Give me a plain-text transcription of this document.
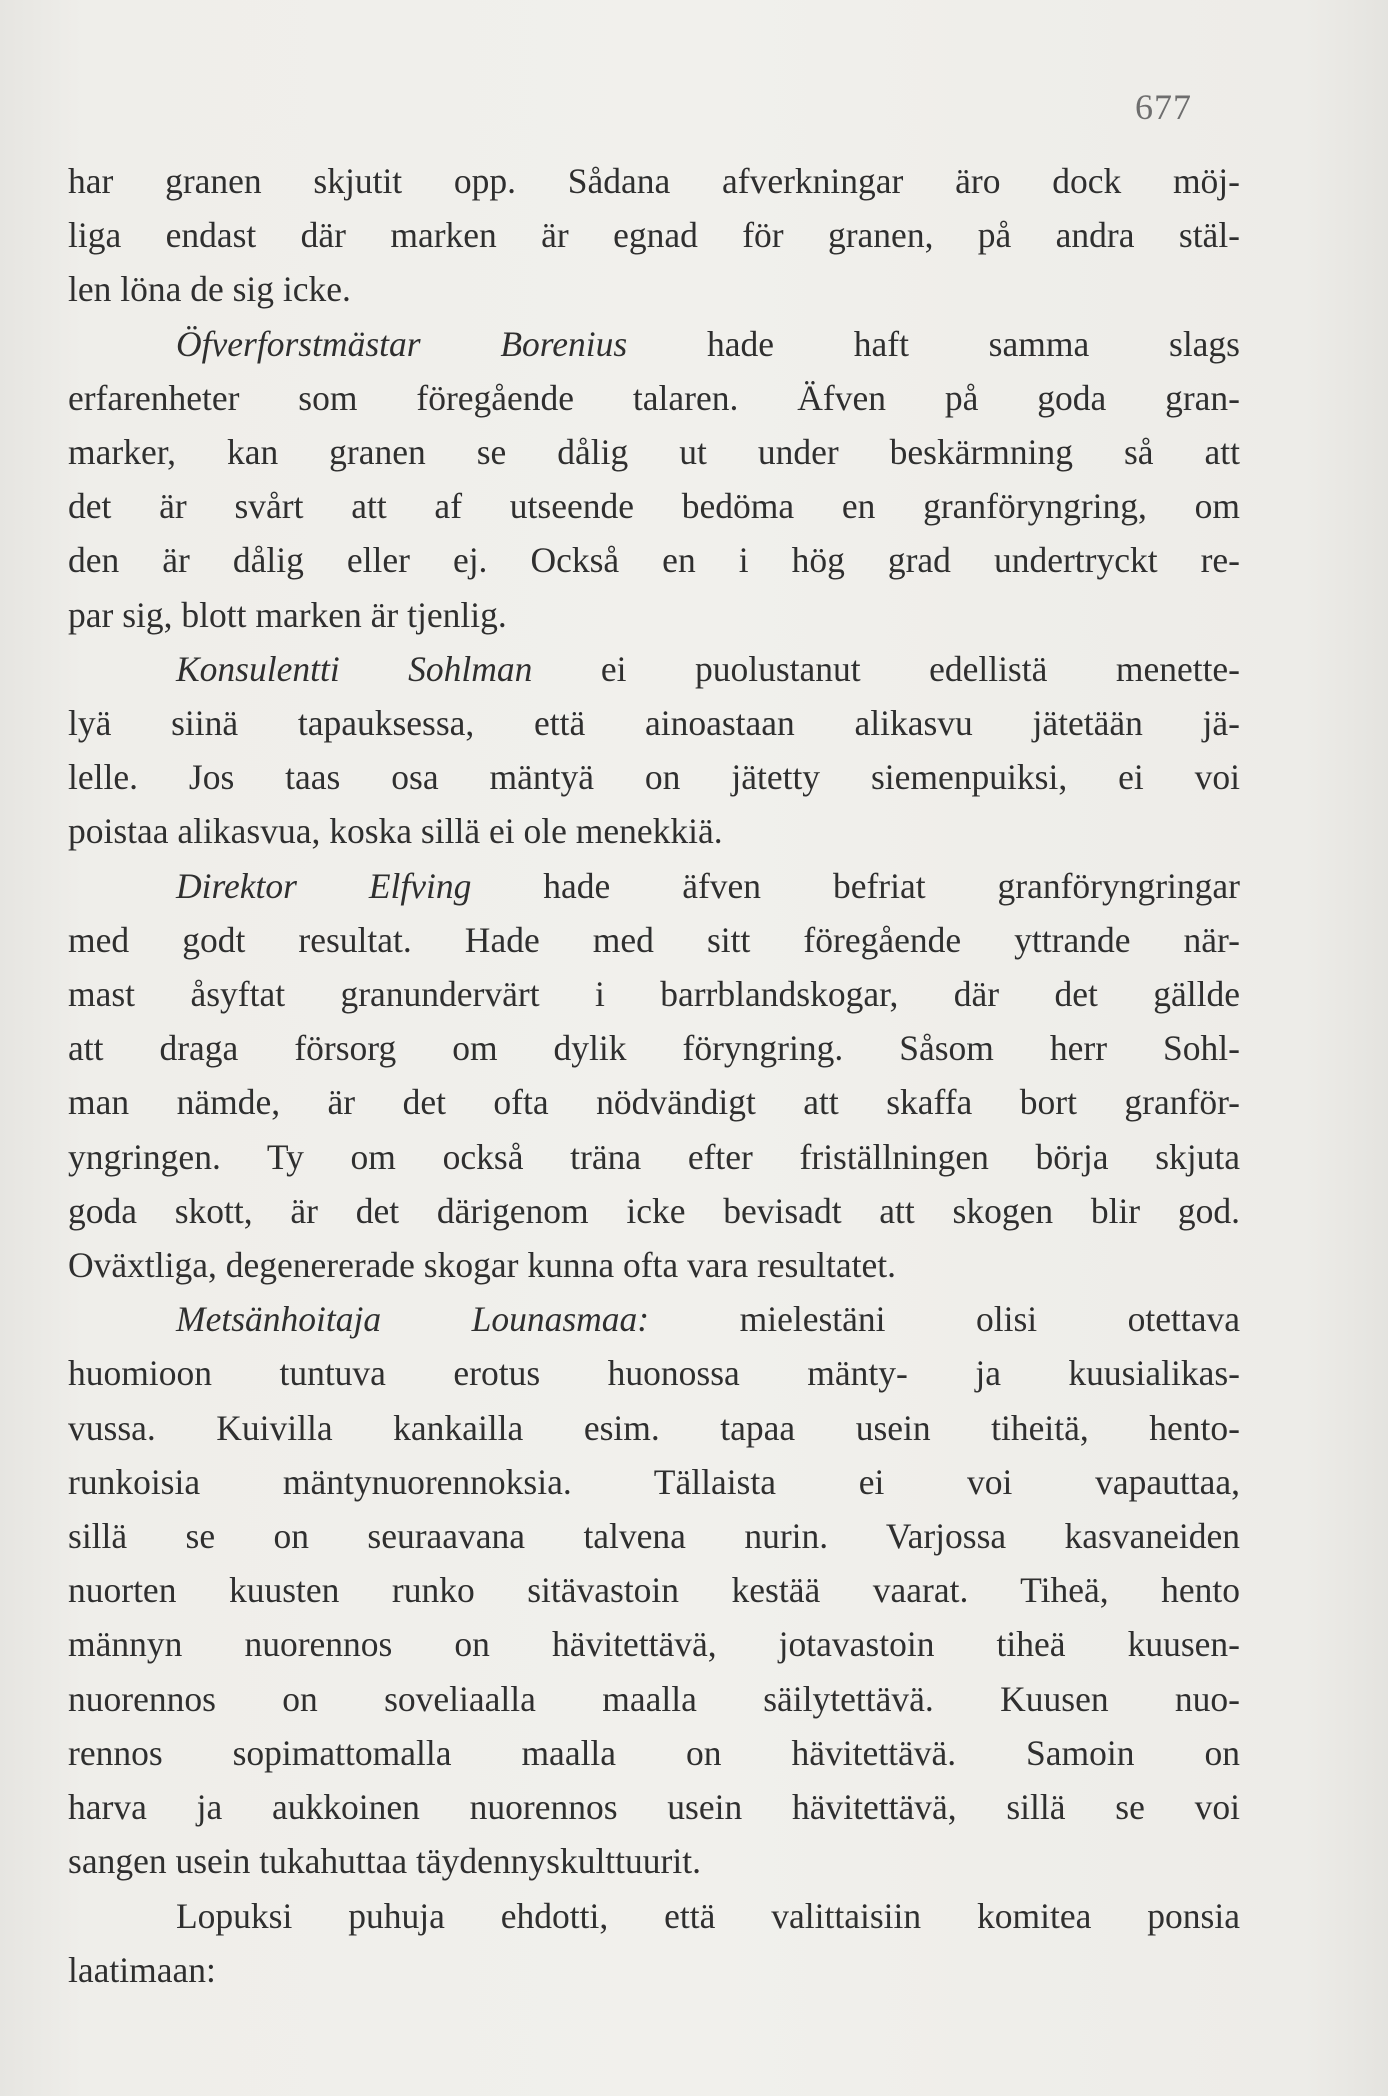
677

har granen skjutit opp. Sådana afverkningar äro dock möj-
liga endast där marken är egnad för granen, på andra stäl-
len löna de sig icke.

Öfverforstmästar Borenius hade haft samma slags
erfarenheter som föregående talaren. Äfven på goda gran-
marker, kan granen se dålig ut under beskärmning så att
det är svårt att af utseende bedöma en granföryngring, om
den är dålig eller ej. Också en i hög grad undertryckt re-
par sig, blott marken är tjenlig.

Konsulentti Sohlman ei puolustanut edellistä menette-
lyä siinä tapauksessa, että ainoastaan alikasvu jätetään jä-
lelle. Jos taas osa mäntyä on jätetty siemenpuiksi, ei voi
poistaa alikasvua, koska sillä ei ole menekkiä.

Direktor Elfving hade äfven befriat granföryngringar
med godt resultat. Hade med sitt föregående yttrande när-
mast åsyftat granundervärt i barrblandskogar, där det gällde
att draga försorg om dylik föryngring. Såsom herr Sohl-
man nämde, är det ofta nödvändigt att skaffa bort granför-
yngringen. Ty om också träna efter friställningen börja skjuta
goda skott, är det därigenom icke bevisadt att skogen blir god.
Oväxtliga, degenererade skogar kunna ofta vara resultatet.

Metsänhoitaja Lounasmaa: mielestäni olisi otettava
huomioon tuntuva erotus huonossa mänty- ja kuusialikas-
vussa. Kuivilla kankailla esim. tapaa usein tiheitä, hento-
runkoisia mäntynuorennoksia. Tällaista ei voi vapauttaa,
sillä se on seuraavana talvena nurin. Varjossa kasvaneiden
nuorten kuusten runko sitävastoin kestää vaarat. Tiheä, hento
männyn nuorennos on hävitettävä, jotavastoin tiheä kuusen-
nuorennos on soveliaalla maalla säilytettävä. Kuusen nuo-
rennos sopimattomalla maalla on hävitettävä. Samoin on
harva ja aukkoinen nuorennos usein hävitettävä, sillä se voi
sangen usein tukahuttaa täydennyskulttuurit.

Lopuksi puhuja ehdotti, että valittaisiin komitea ponsia
laatimaan:
